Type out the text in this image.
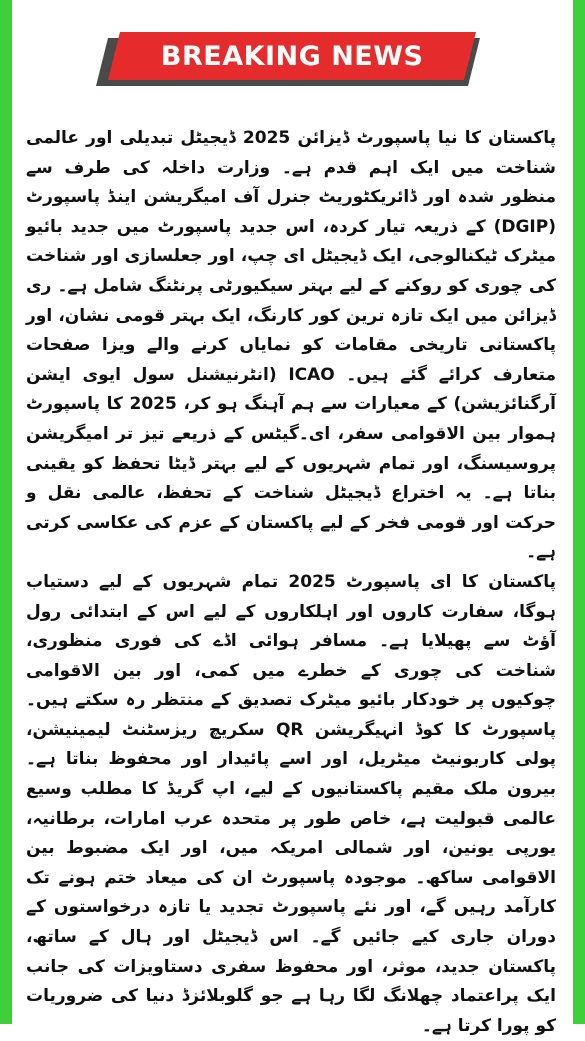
BREAKING NEWS

پاکستان کا نیا پاسپورٹ ڈیزائن 2025 ڈیجیٹل تبدیلی اور عالمی شناخت میں ایک اہم قدم ہے۔ وزارت داخلہ کی طرف سے منظور شدہ اور ڈائریکٹوریٹ جنرل آف امیگریشن اینڈ پاسپورٹ (DGIP) کے ذریعہ تیار کردہ، اس جدید پاسپورٹ میں جدید بائیو میٹرک ٹیکنالوجی، ایک ڈیجیٹل ای چپ، اور جعلسازی اور شناخت کی چوری کو روکنے کے لیے بہتر سیکیورٹی پرنٹنگ شامل ہے۔ ری ڈیزائن میں ایک تازہ ترین کور کارنگ، ایک بہتر قومی نشان، اور پاکستانی تاریخی مقامات کو نمایاں کرنے والے ویزا صفحات متعارف کرائے گئے ہیں۔ ICAO (انٹرنیشنل سول ایوی ایشن آرگنائزیشن) کے معیارات سے ہم آہنگ ہو کر، 2025 کا پاسپورٹ ہموار بین الاقوامی سفر، ای۔گیٹس کے ذریعے تیز تر امیگریشن پروسیسنگ، اور تمام شہریوں کے لیے بہتر ڈیٹا تحفظ کو یقینی بناتا ہے۔ یہ اختراع ڈیجیٹل شناخت کے تحفظ، عالمی نقل و حرکت اور قومی فخر کے لیے پاکستان کے عزم کی عکاسی کرتی ہے۔

پاکستان کا ای پاسپورٹ 2025 تمام شہریوں کے لیے دستیاب ہوگا، سفارت کاروں اور اہلکاروں کے لیے اس کے ابتدائی رول آؤٹ سے پھیلایا ہے۔ مسافر ہوائی اڈے کی فوری منظوری، شناخت کی چوری کے خطرے میں کمی، اور بین الاقوامی چوکیوں پر خودکار بائیو میٹرک تصدیق کے منتظر رہ سکتے ہیں۔ پاسپورٹ کا کوڈ انہیگریشن QR سکریچ ریزسٹنٹ لیمینیشن، پولی کاربونیٹ میٹریل، اور اسے پائیدار اور محفوظ بناتا ہے۔ بیرون ملک مقیم پاکستانیوں کے لیے، اپ گریڈ کا مطلب وسیع عالمی قبولیت ہے، خاص طور پر متحدہ عرب امارات، برطانیہ، یورپی یونین، اور شمالی امریکہ میں، اور ایک مضبوط بین الاقوامی ساکھ۔ موجودہ پاسپورٹ ان کی میعاد ختم ہونے تک کارآمد رہیں گے، اور نئے پاسپورٹ تجدید یا تازہ درخواستوں کے دوران جاری کیے جائیں گے۔ اس ڈیجیٹل اور ہال کے ساتھ، پاکستان جدید، موثر، اور محفوظ سفری دستاویزات کی جانب ایک پراعتماد چھلانگ لگا رہا ہے جو گلوبلائزڈ دنیا کی ضروریات کو پورا کرتا ہے۔
